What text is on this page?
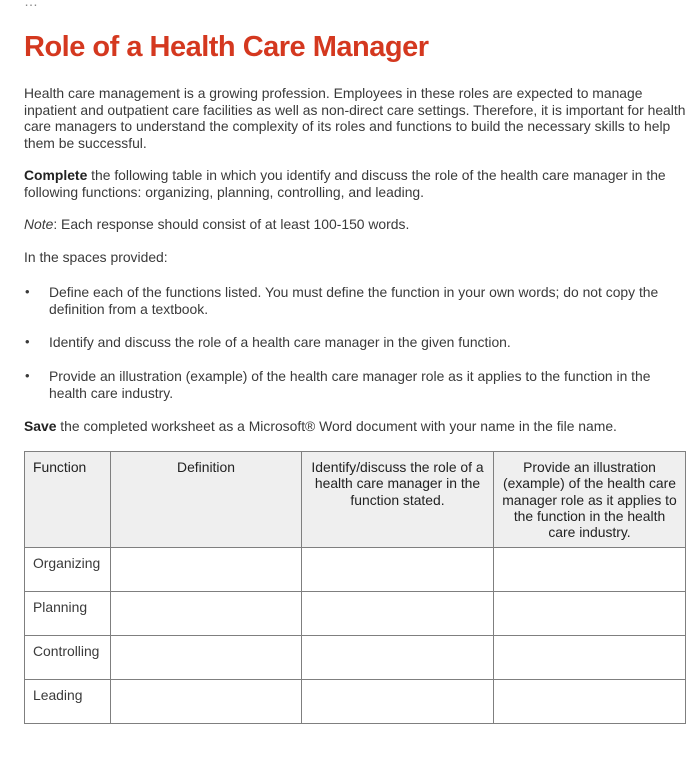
…
Role of a Health Care Manager

Health care management is a growing profession. Employees in these roles are expected to manage inpatient and outpatient care facilities as well as non-direct care settings. Therefore, it is important for health care managers to understand the complexity of its roles and functions to build the necessary skills to help them be successful.

Complete the following table in which you identify and discuss the role of the health care manager in the following functions: organizing, planning, controlling, and leading.

Note: Each response should consist of at least 100-150 words.

In the spaces provided:

• Define each of the functions listed. You must define the function in your own words; do not copy the definition from a textbook.
• Identify and discuss the role of a health care manager in the given function.
• Provide an illustration (example) of the health care manager role as it applies to the function in the health care industry.

Save the completed worksheet as a Microsoft® Word document with your name in the file name.

Function	Definition	Identify/discuss the role of a health care manager in the function stated.	Provide an illustration (example) of the health care manager role as it applies to the function in the health care industry.
Organizing			
Planning			
Controlling			
Leading			
